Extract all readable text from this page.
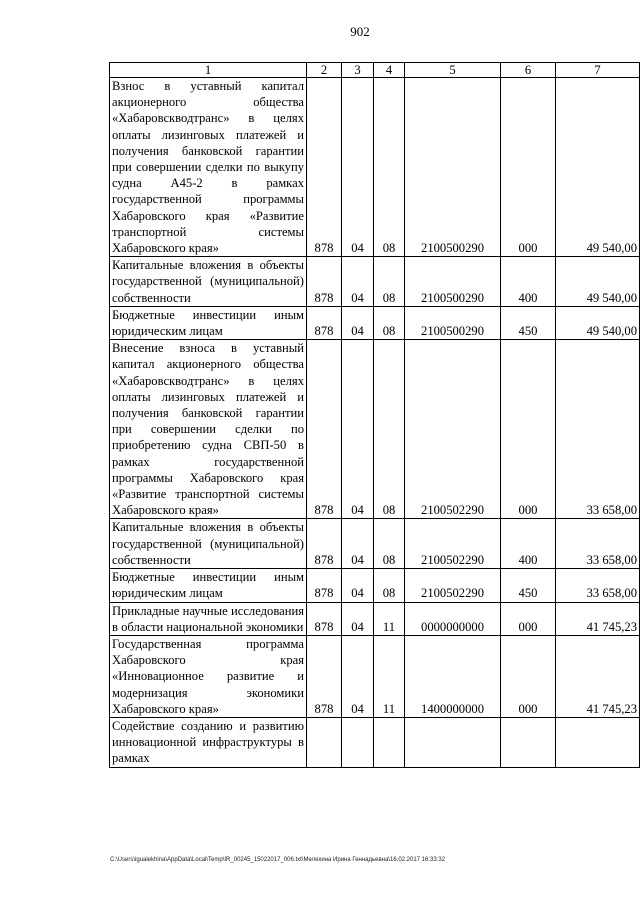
902
1	2	3	4	5	6	7
Взнос в уставный капитал акционерного общества «Хабаровскводтранс» в целях оплаты лизинговых платежей и получения банковской гарантии при совершении сделки по выкупу судна А45-2 в рамках государственной программы Хабаровского края «Развитие транспортной системы Хабаровского края»	878	04	08	2100500290	000	49 540,00
Капитальные вложения в объекты государственной (муниципальной) собственности	878	04	08	2100500290	400	49 540,00
Бюджетные инвестиции иным юридическим лицам	878	04	08	2100500290	450	49 540,00
Внесение взноса в уставный капитал акционерного общества «Хабаровскводтранс» в целях оплаты лизинговых платежей и получения банковской гарантии при совершении сделки по приобретению судна СВП-50 в рамках государственной программы Хабаровского края «Развитие транспортной системы Хабаровского края»	878	04	08	2100502290	000	33 658,00
Капитальные вложения в объекты государственной (муниципальной) собственности	878	04	08	2100502290	400	33 658,00
Бюджетные инвестиции иным юридическим лицам	878	04	08	2100502290	450	33 658,00
Прикладные научные исследования в области национальной экономики	878	04	11	0000000000	000	41 745,23
Государственная программа Хабаровского края «Инновационное развитие и модернизация экономики Хабаровского края»	878	04	11	1400000000	000	41 745,23
Содействие созданию и развитию инновационной инфраструктуры в рамках						
C:\Users\igualekhina\AppData\Local\Temp\IR_00245_15022017_006.txt\Мелехина Ирина Геннадьевна\16.02.2017 16:33:32
